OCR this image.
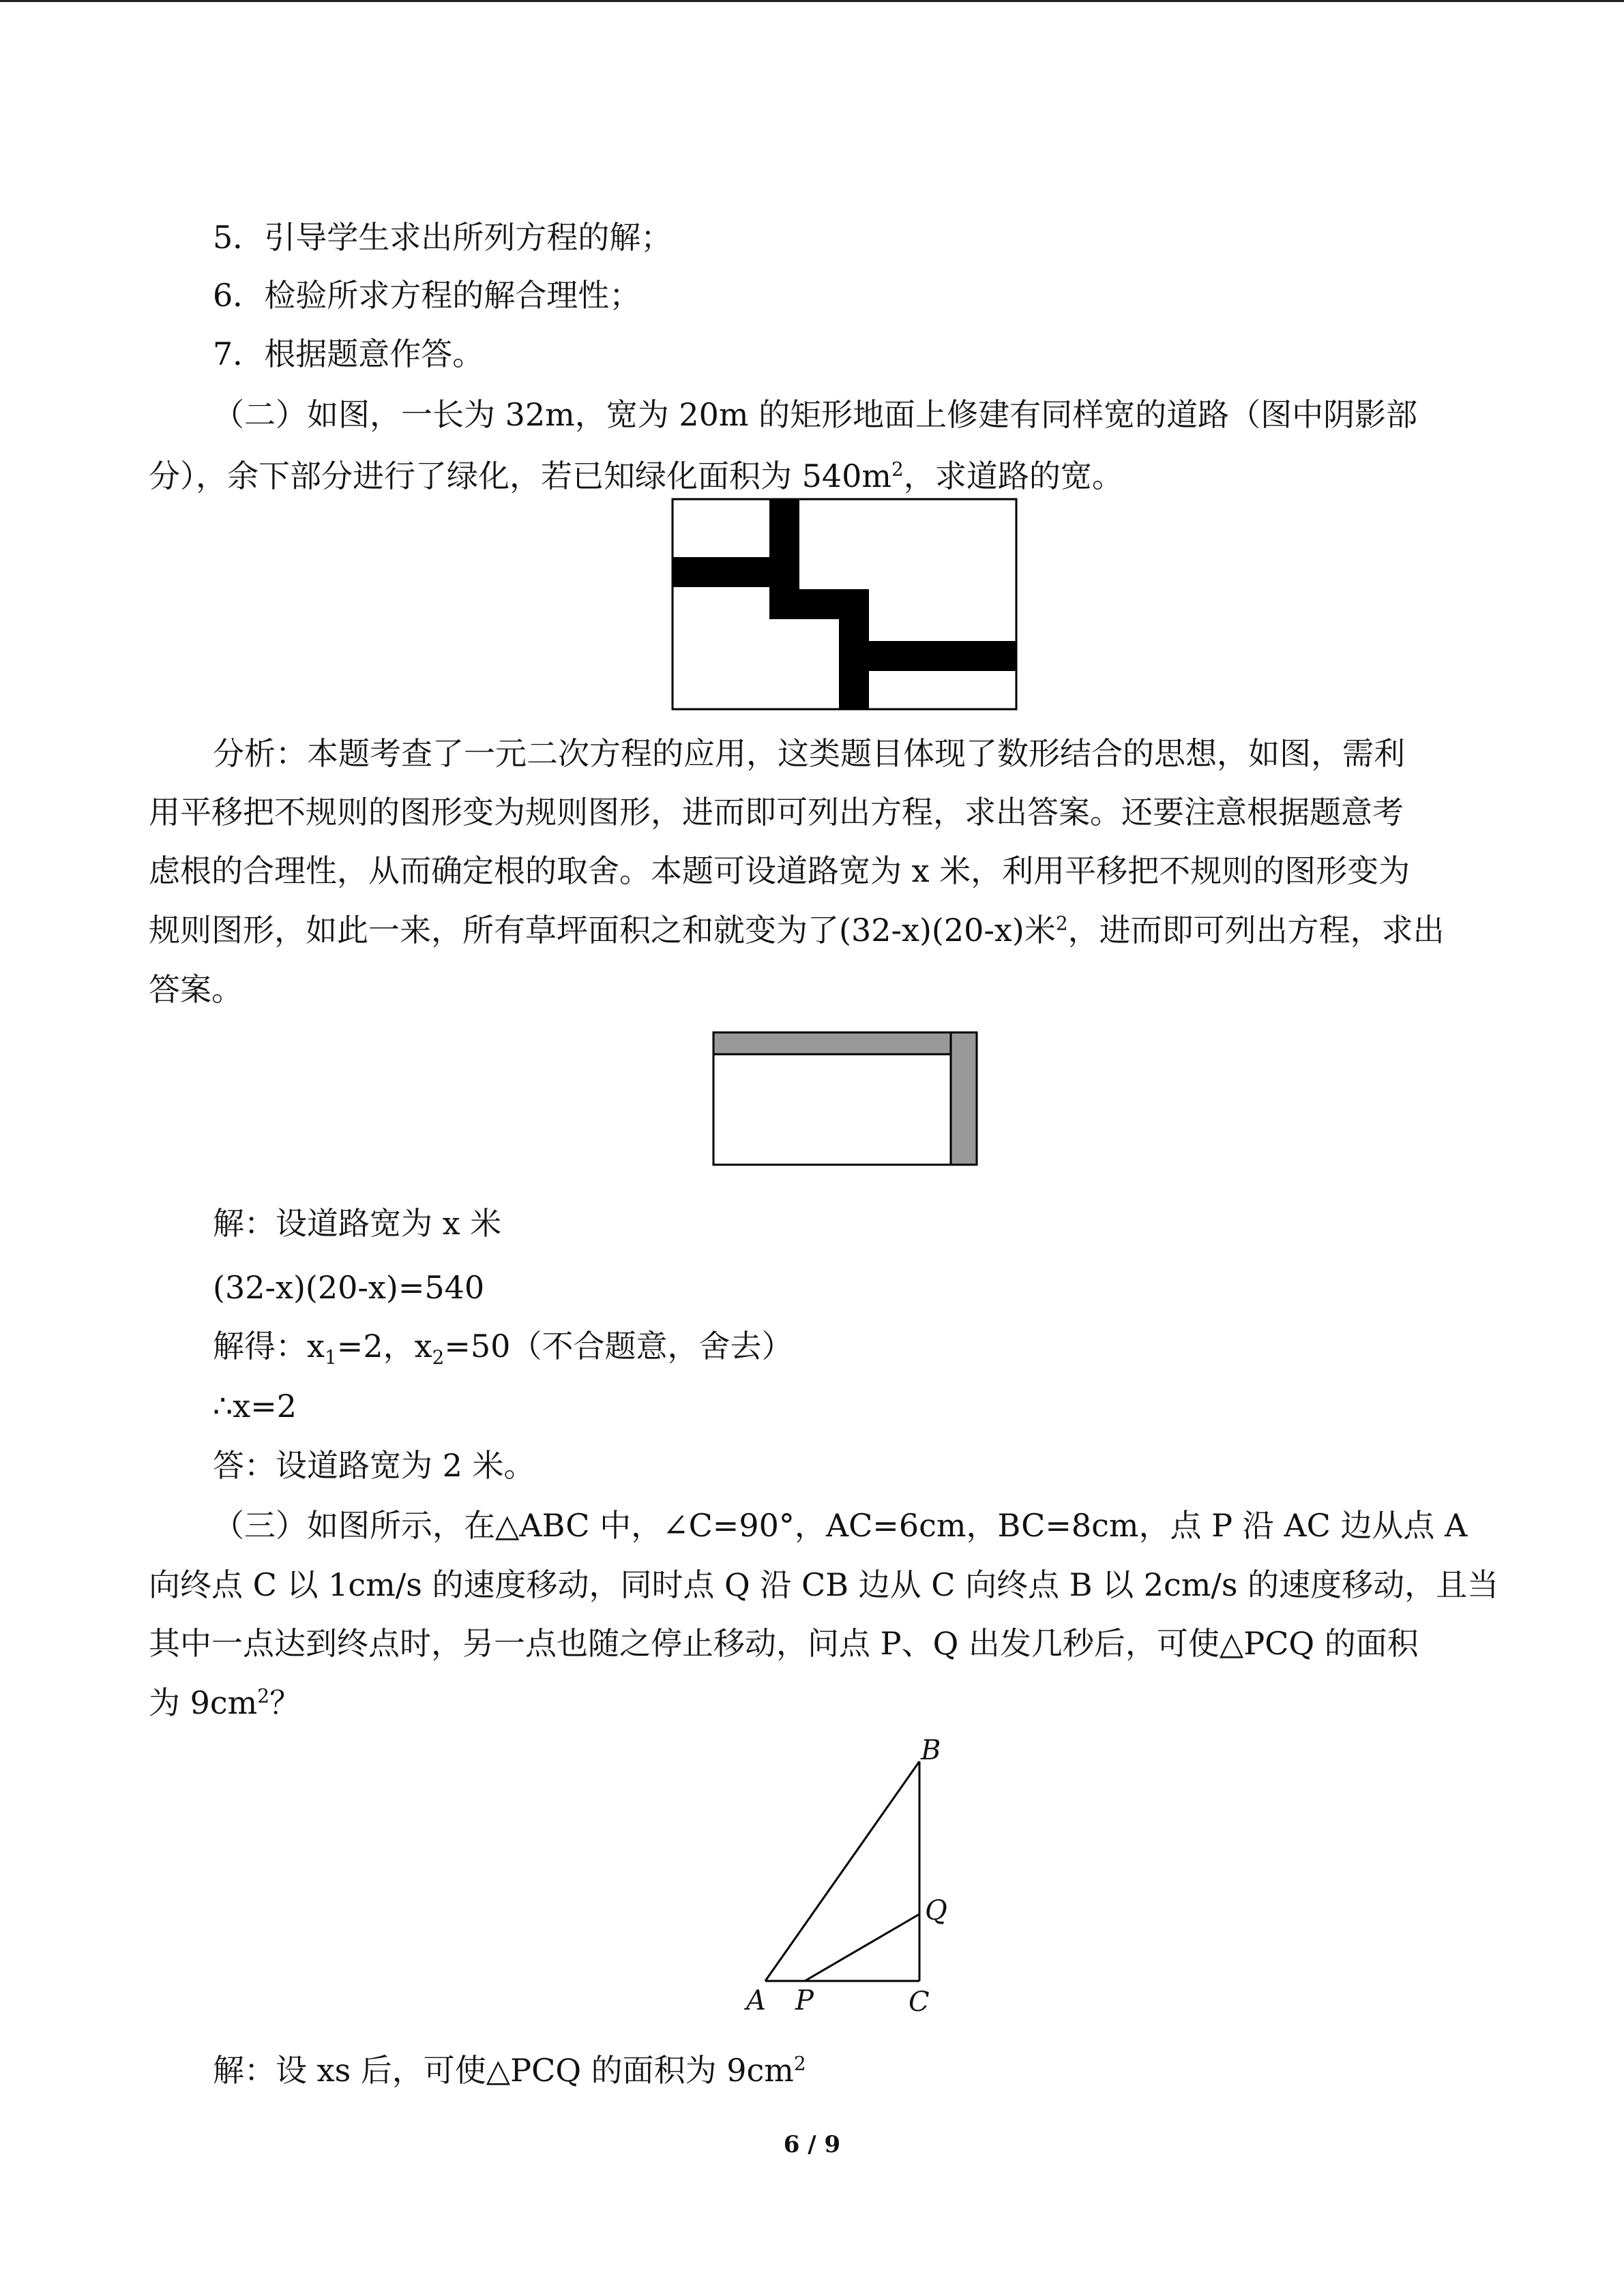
5．引导学生求出所列方程的解；
6．检验所求方程的解合理性；
7．根据题意作答。
（二）如图，一长为 32m，宽为 20m 的矩形地面上修建有同样宽的道路（图中阴影部
分），余下部分进行了绿化，若已知绿化面积为 $540m^2$，求道路的宽。
分析：本题考查了一元二次方程的应用，这类题目体现了数形结合的思想，如图，需利
用平移把不规则的图形变为规则图形，进而即可列出方程，求出答案。还要注意根据题意考
虑根的合理性，从而确定根的取舍。本题可设道路宽为 x 米，利用平移把不规则的图形变为
规则图形，如此一来，所有草坪面积之和就变为了(32-x)(20-x)米$^2$，进而即可列出方程，求出
答案。
解：设道路宽为 x 米
(32-x)(20-x)=540
解得：$x_1=2$，$x_2=50$（不合题意，舍去）
∴x=2
答：设道路宽为 2 米。
（三）如图所示，在△ABC 中，∠C=90°，AC=6cm，BC=8cm，点 P 沿 AC 边从点 A
向终点 C 以 1cm/s 的速度移动，同时点 Q 沿 CB 边从 C 向终点 B 以 2cm/s 的速度移动，且当
其中一点达到终点时，另一点也随之停止移动，问点 P、Q 出发几秒后，可使△PCQ 的面积
为 $9cm^2$？
B
Q
A P	C
解：设 xs 后，可使△PCQ 的面积为 $9cm^2$
6 / 9
